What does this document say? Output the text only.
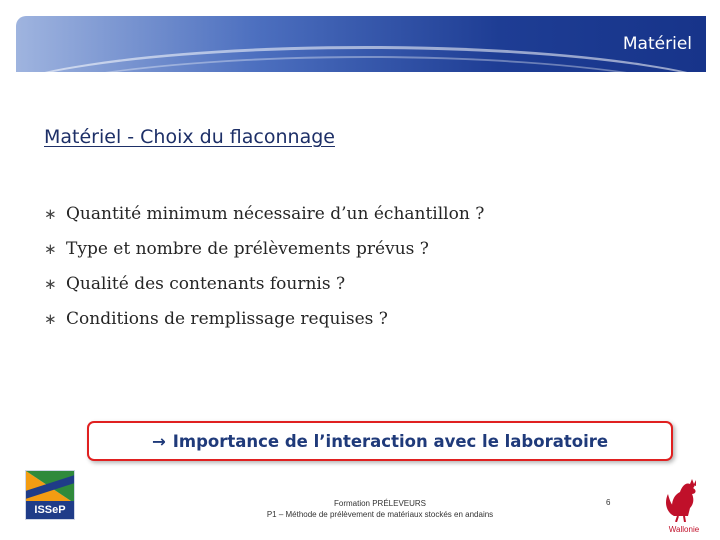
Matériel
Matériel - Choix du flaconnage
∗ Quantité minimum nécessaire d’un échantillon ?
∗ Type et nombre de prélèvements prévus ?
∗ Qualité des contenants fournis ?
∗ Conditions de remplissage requises ?
→ Importance de l’interaction avec le laboratoire
ISSeP
Formation PRÉLEVEURS
P1 – Méthode de prélèvement de matériaux stockés en andains
6
Wallonie
